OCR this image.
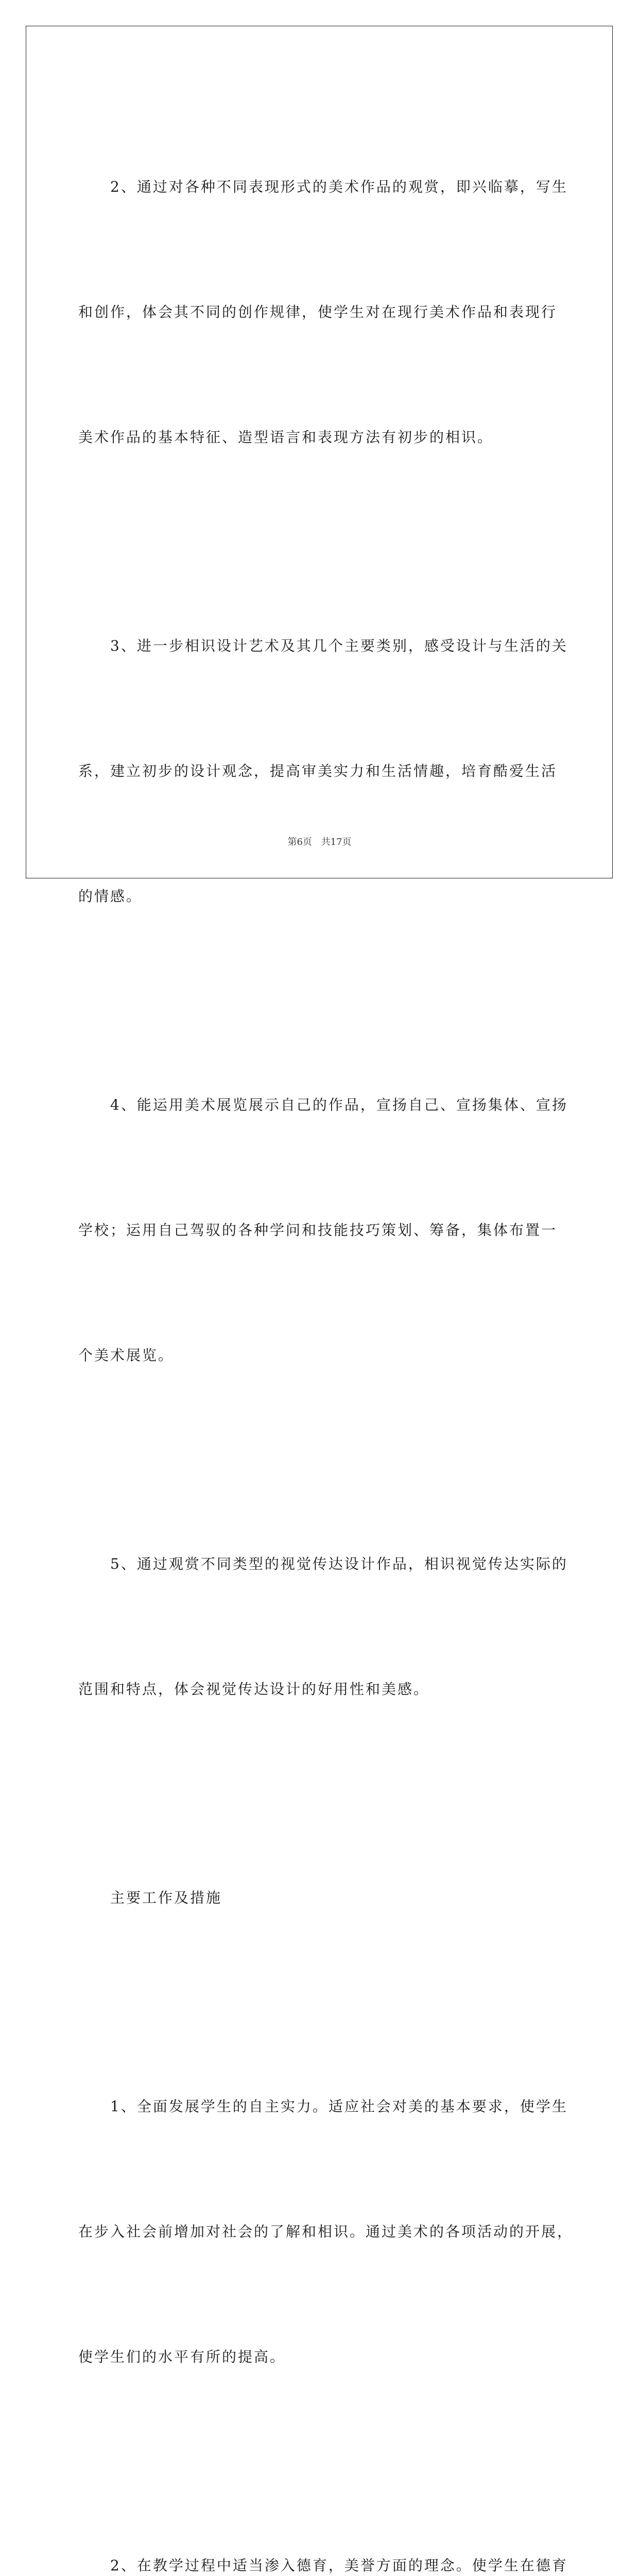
2、通过对各种不同表现形式的美术作品的观赏，即兴临摹，写生

和创作，体会其不同的创作规律，使学生对在现行美术作品和表现行

美术作品的基本特征、造型语言和表现方法有初步的相识。

3、进一步相识设计艺术及其几个主要类别，感受设计与生活的关

系，建立初步的设计观念，提高审美实力和生活情趣，培育酷爱生活

的情感。

4、能运用美术展览展示自己的作品，宣扬自己、宣扬集体、宣扬

学校；运用自己驾驭的各种学问和技能技巧策划、筹备，集体布置一

个美术展览。

5、通过观赏不同类型的视觉传达设计作品，相识视觉传达实际的

范围和特点，体会视觉传达设计的好用性和美感。

主要工作及措施

1、全面发展学生的自主实力。适应社会对美的基本要求，使学生

在步入社会前增加对社会的了解和相识。通过美术的各项活动的开展，

使学生们的水平有所的提高。

2、在教学过程中适当渗入德育，美誉方面的理念。使学生在德育

第6页 共17页
